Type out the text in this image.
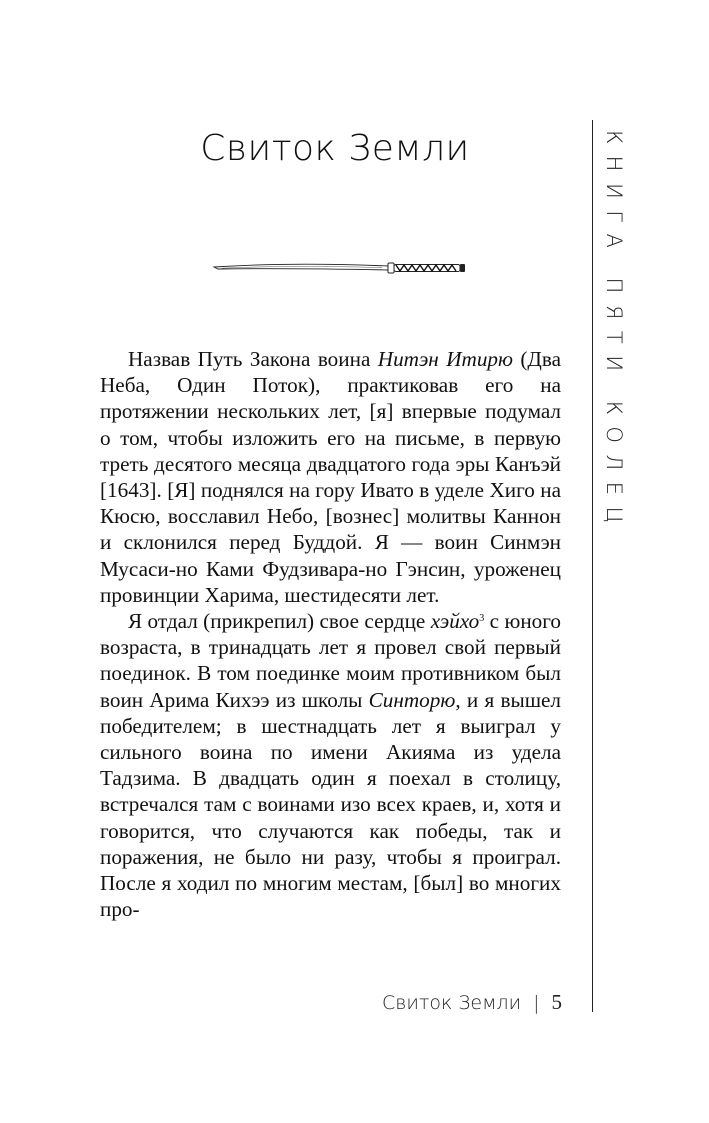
Свиток Земли

Назвав Путь Закона воина Нитэн Итирю (Два Неба, Один Поток), практиковав его на протяжении нескольких лет, [я] впервые подумал о том, чтобы изложить его на письме, в первую треть десятого месяца двадцатого года эры Канъэй [1643]. [Я] поднялся на гору Ивато в уделе Хиго на Кюсю, восславил Небо, [вознес] молитвы Каннон и склонился перед Буддой. Я — воин Синмэн Мусаси-но Ками Фудзивара-но Гэнсин, уроженец провинции Харима, шестидесяти лет.

Я отдал (прикрепил) свое сердце хэйхо$^3$ с юного возраста, в тринадцать лет я провел свой первый поединок. В том поединке моим противником был воин Арима Кихээ из школы Синторю, и я вышел победителем; в шестнадцать лет я выиграл у сильного воина по имени Акияма из удела Тадзима. В двадцать один я поехал в столицу, встречался там с воинами изо всех краев, и, хотя и говорится, что случаются как победы, так и поражения, не было ни разу, чтобы я проиграл. После я ходил по многим местам, [был] во многих про-

КНИГА ПЯТИ КОЛЕЦ
Свиток Земли | 5
